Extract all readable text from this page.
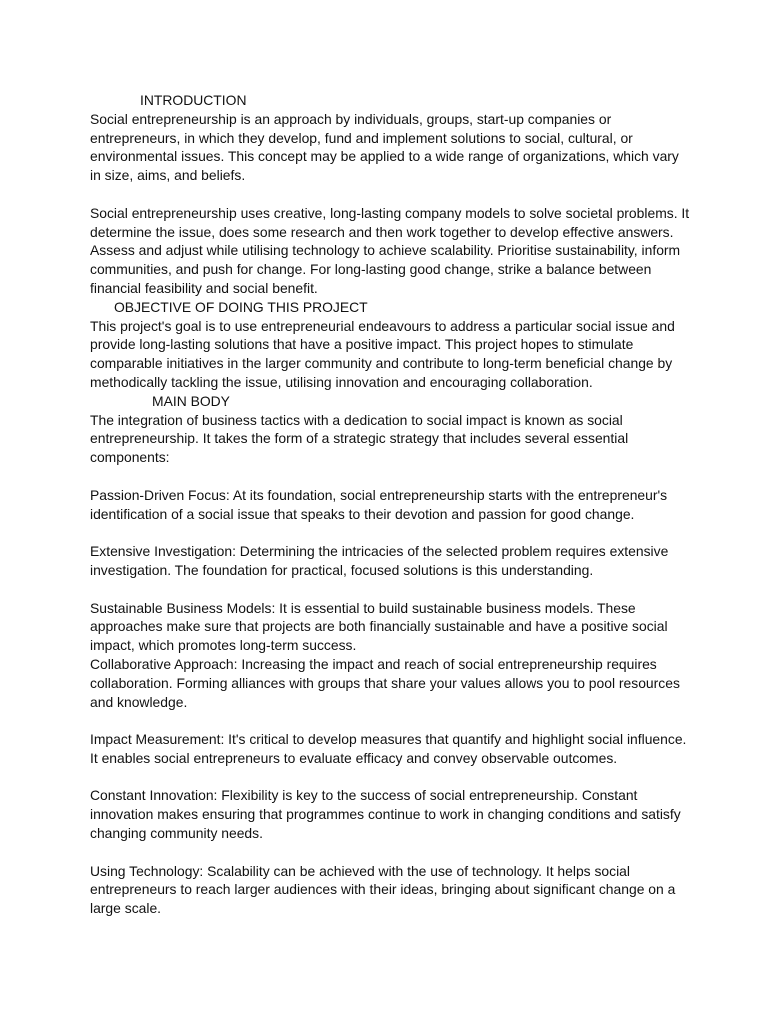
INTRODUCTION

Social entrepreneurship is an approach by individuals, groups, start-up companies or entrepreneurs, in which they develop, fund and implement solutions to social, cultural, or environmental issues. This concept may be applied to a wide range of organizations, which vary in size, aims, and beliefs.

Social entrepreneurship uses creative, long-lasting company models to solve societal problems. It determine the issue, does some research and then work together to develop effective answers. Assess and adjust while utilising technology to achieve scalability. Prioritise sustainability, inform communities, and push for change. For long-lasting good change, strike a balance between financial feasibility and social benefit.

OBJECTIVE OF DOING THIS PROJECT

This project's goal is to use entrepreneurial endeavours to address a particular social issue and provide long-lasting solutions that have a positive impact. This project hopes to stimulate comparable initiatives in the larger community and contribute to long-term beneficial change by methodically tackling the issue, utilising innovation and encouraging collaboration.

MAIN BODY

The integration of business tactics with a dedication to social impact is known as social entrepreneurship. It takes the form of a strategic strategy that includes several essential components:

Passion-Driven Focus: At its foundation, social entrepreneurship starts with the entrepreneur's identification of a social issue that speaks to their devotion and passion for good change.

Extensive Investigation: Determining the intricacies of the selected problem requires extensive investigation. The foundation for practical, focused solutions is this understanding.

Sustainable Business Models: It is essential to build sustainable business models. These approaches make sure that projects are both financially sustainable and have a positive social impact, which promotes long-term success.

Collaborative Approach: Increasing the impact and reach of social entrepreneurship requires collaboration. Forming alliances with groups that share your values allows you to pool resources and knowledge.

Impact Measurement: It's critical to develop measures that quantify and highlight social influence. It enables social entrepreneurs to evaluate efficacy and convey observable outcomes.

Constant Innovation: Flexibility is key to the success of social entrepreneurship. Constant innovation makes ensuring that programmes continue to work in changing conditions and satisfy changing community needs.

Using Technology: Scalability can be achieved with the use of technology. It helps social entrepreneurs to reach larger audiences with their ideas, bringing about significant change on a large scale.
